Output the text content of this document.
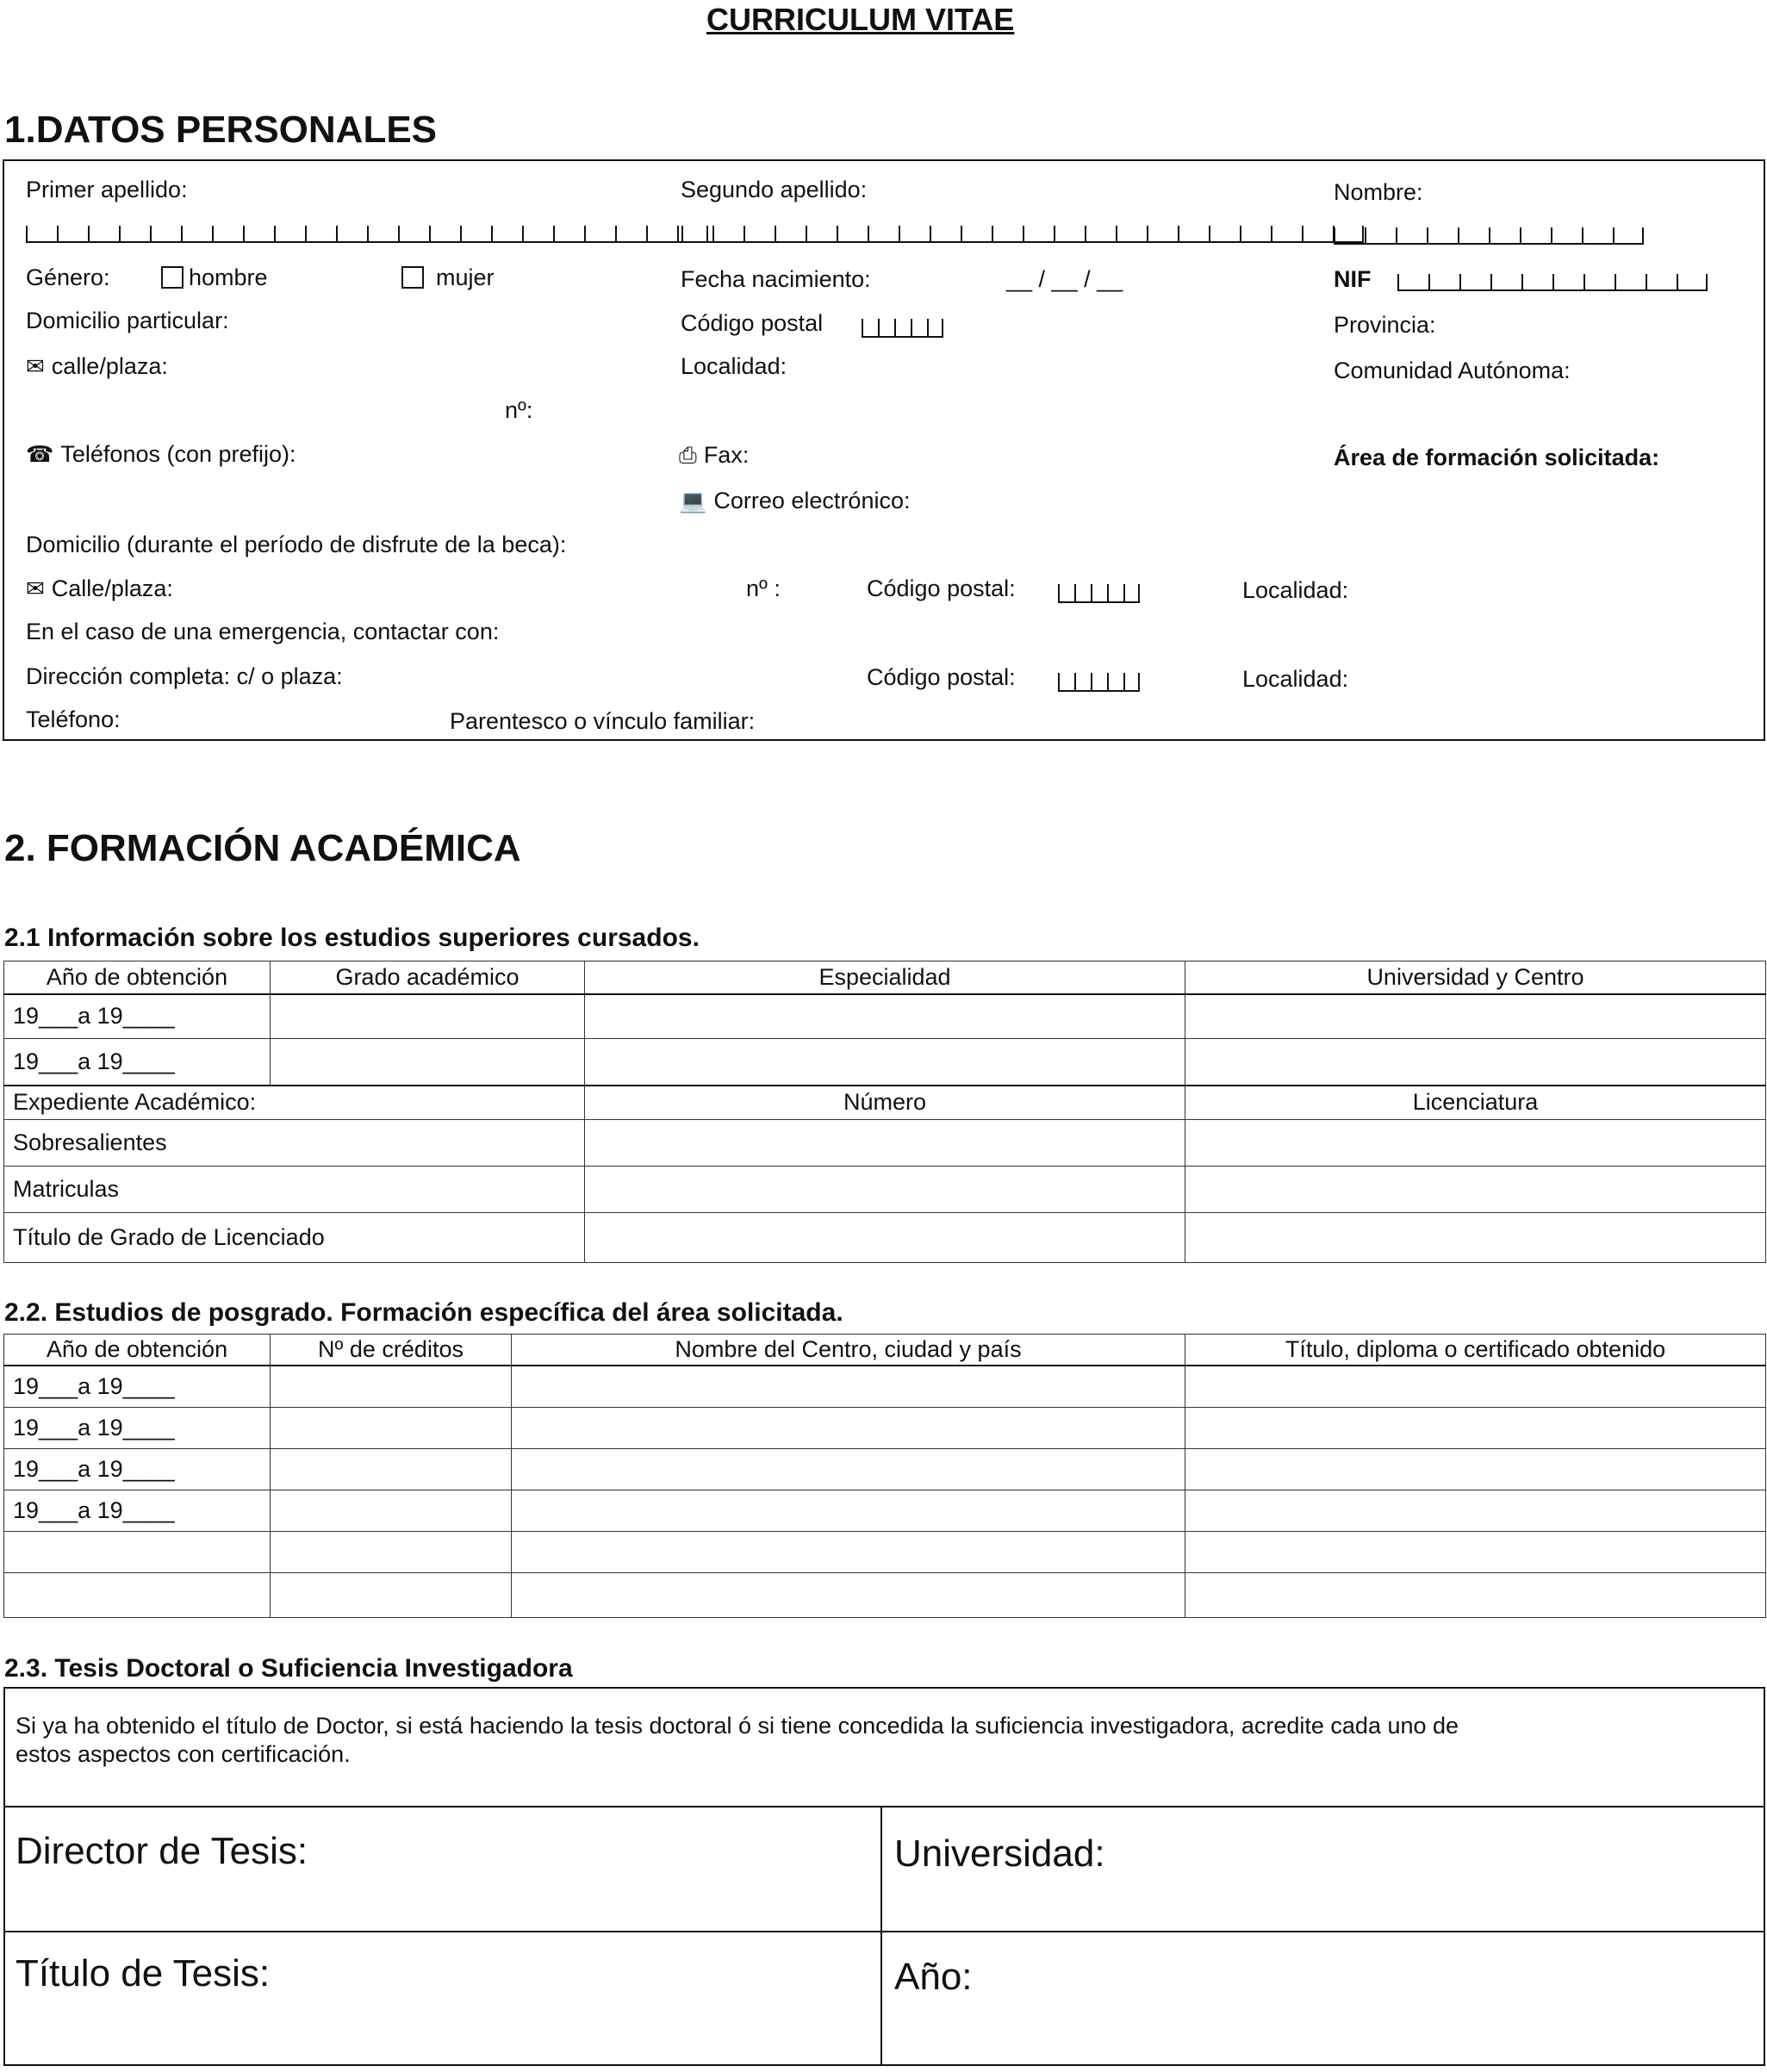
CURRICULUM VITAE
1.DATOS PERSONALES
Primer apellido:	Segundo apellido:	Nombre:
Género:	hombre	mujer	Fecha nacimiento:	__ / __ / __	NIF
Domicilio particular:	Código postal	Provincia:
✉ calle/plaza:	Localidad:	Comunidad Autónoma:
nº:
☎ Teléfonos (con prefijo):	⎙ Fax:	Área de formación solicitada:
💻 Correo electrónico:
Domicilio (durante el período de disfrute de la beca):
✉ Calle/plaza:	nº :	Código postal:	Localidad:
En el caso de una emergencia, contactar con:
Dirección completa: c/ o plaza:	Código postal:	Localidad:
Teléfono:	Parentesco o vínculo familiar:
2. FORMACIÓN ACADÉMICA
2.1 Información sobre los estudios superiores cursados.
Año de obtención	Grado académico	Especialidad	Universidad y Centro
19___a 19____			
19___a 19____			
Expediente Académico:		Número	Licenciatura
Sobresalientes			
Matriculas			
Título de Grado de Licenciado			
2.2. Estudios de posgrado. Formación específica del área solicitada.
Año de obtención	Nº de créditos	Nombre del Centro, ciudad y país	Título, diploma o certificado obtenido
19___a 19____			
19___a 19____			
19___a 19____			
19___a 19____			

2.3. Tesis Doctoral o Suficiencia Investigadora
Si ya ha obtenido el título de Doctor, si está haciendo la tesis doctoral ó si tiene concedida la suficiencia investigadora, acredite cada uno de
estos aspectos con certificación.
Director de Tesis:	Universidad:
Título de Tesis:	Año:
